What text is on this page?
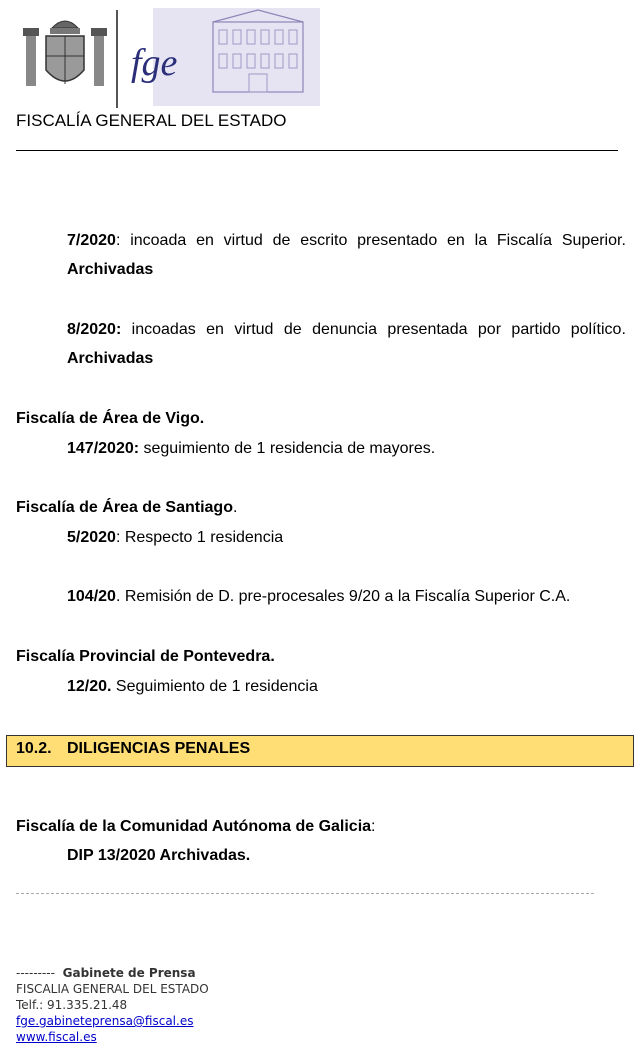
fge
FISCALÍA GENERAL DEL ESTADO
7/2020: incoada en virtud de escrito presentado en la Fiscalía Superior.
Archivadas
8/2020: incoadas en virtud de denuncia presentada por partido político.
Archivadas
Fiscalía de Área de Vigo.
147/2020: seguimiento de 1 residencia de mayores.
Fiscalía de Área de Santiago.
5/2020: Respecto 1 residencia
104/20. Remisión de D. pre-procesales 9/20 a la Fiscalía Superior C.A.
Fiscalía Provincial de Pontevedra.
12/20. Seguimiento de 1 residencia
10.2. DILIGENCIAS PENALES
Fiscalía de la Comunidad Autónoma de Galicia:
DIP 13/2020 Archivadas.
--------- Gabinete de Prensa
FISCALIA GENERAL DEL ESTADO
Telf.: 91.335.21.48
fge.gabineteprensa@fiscal.es
www.fiscal.es
